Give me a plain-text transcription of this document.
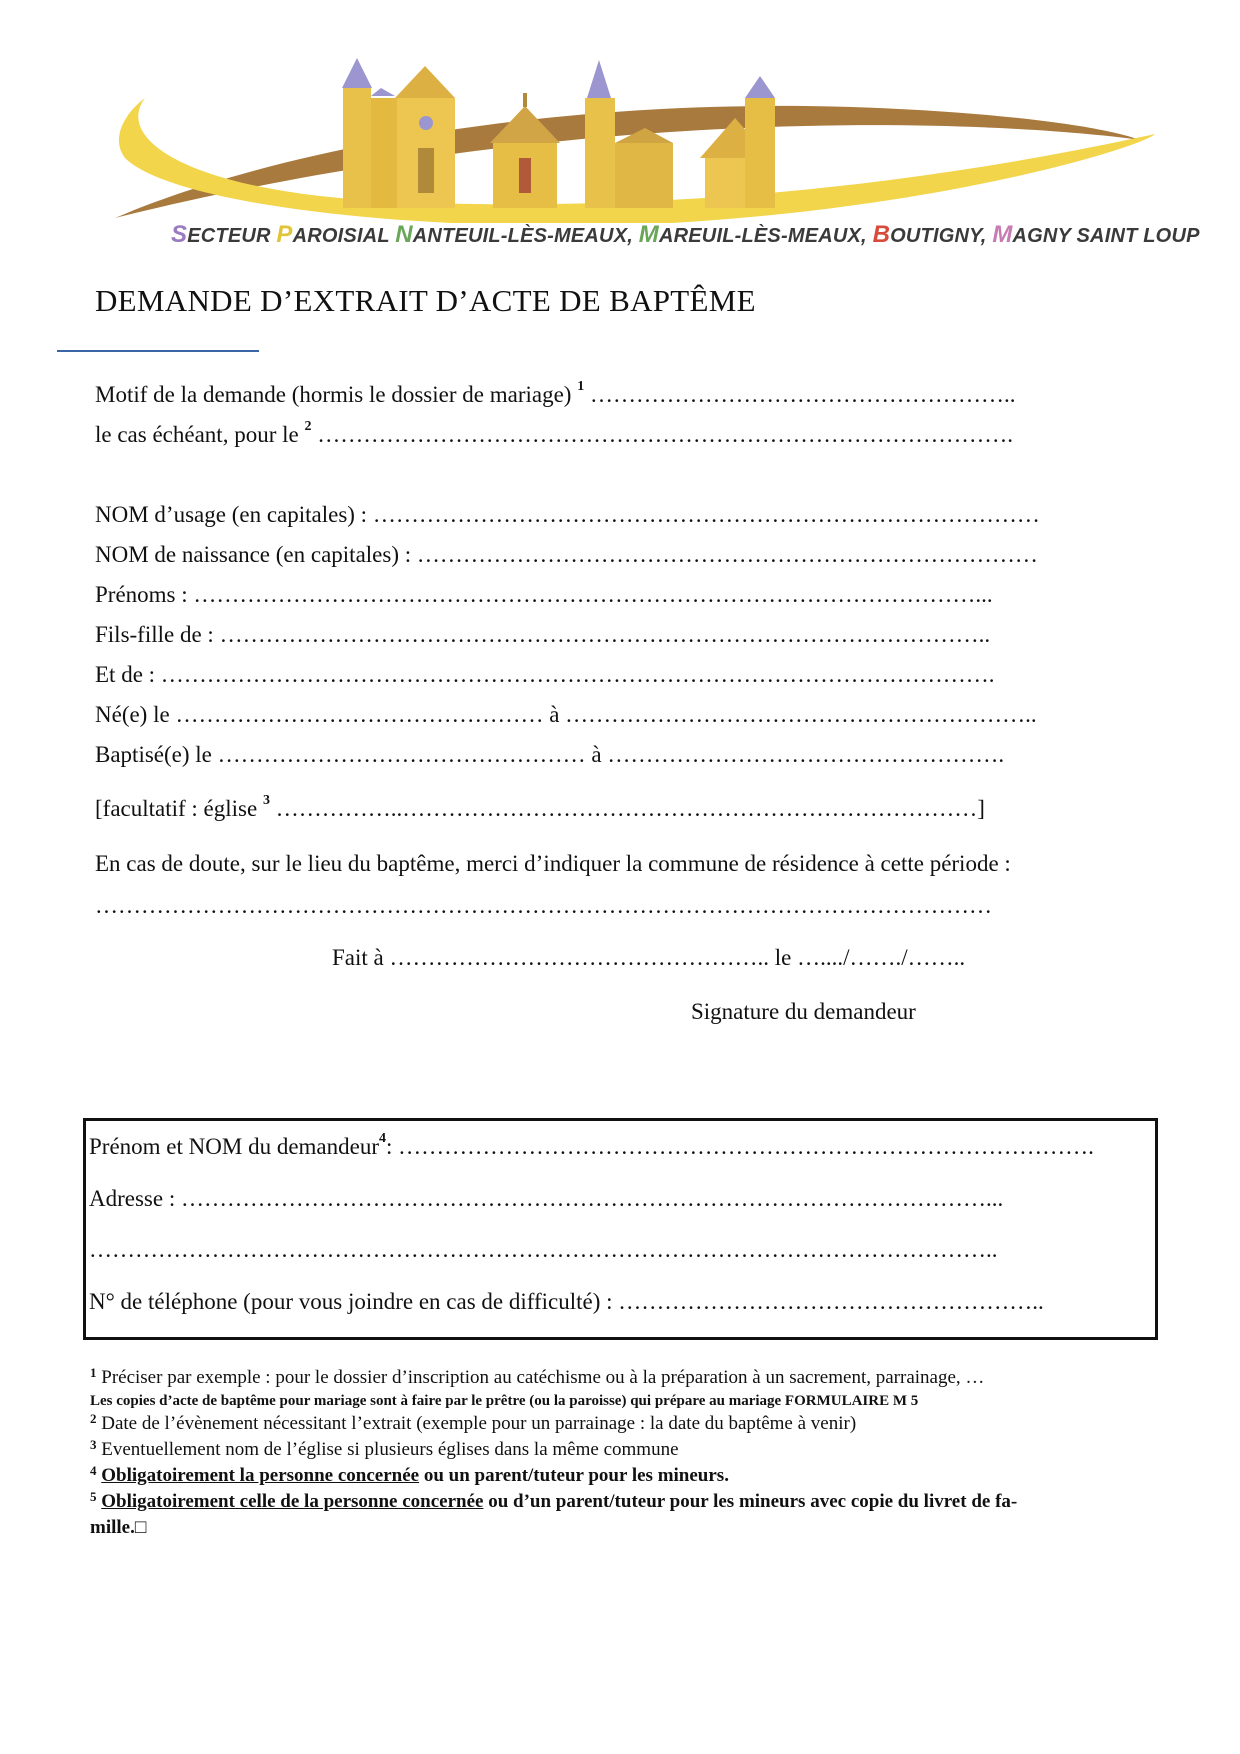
SECTEUR PAROISIAL NANTEUIL-LÈS-MEAUX, MAREUIL-LÈS-MEAUX, BOUTIGNY, MAGNY SAINT LOUP
DEMANDE D’EXTRAIT D’ACTE DE BAPTÊME
Motif de la demande (hormis le dossier de mariage) $^1$ ………………………………………………..
le cas échéant, pour le $^2$ ……………………………………………………………………………….
NOM d’usage (en capitales) : ……………………………………………………………………………
NOM de naissance (en capitales) : ………………………………………………………………………
Prénoms : …………………………………………………………………………………………...
Fils-fille de : ………………………………………………………………………………………..
Et de : ……………………………………………………………………………………………….
Né(e) le ………………………………………… à ……………………………………………………..
Baptisé(e) le ………………………………………… à …………………………………………….
[facultatif : église $^3$ ……………..…………………………………………………………………]
En cas de doute, sur le lieu du baptême, merci d’indiquer la commune de résidence à cette période :
………………………………………………………………………………………………………
Fait à ………………………………………….. le …..../……./……..
Signature du demandeur
Prénom et NOM du demandeur$^4$: ……………………………………………………………………………….
Adresse : ……………………………………………………………………………………………...
………………………………………………………………………………………………………..
N° de téléphone (pour vous joindre en cas de difficulté) : ………………………………………………..
$^1$ Préciser par exemple : pour le dossier d’inscription au catéchisme ou à la préparation à un sacrement, parrainage, …
Les copies d’acte de baptême pour mariage sont à faire par le prêtre (ou la paroisse) qui prépare au mariage FORMULAIRE M 5
$^2$ Date de l’évènement nécessitant l’extrait (exemple pour un parrainage : la date du baptême à venir)
$^3$ Eventuellement nom de l’église si plusieurs églises dans la même commune
$^4$ Obligatoirement la personne concernée ou un parent/tuteur pour les mineurs.
$^5$ Obligatoirement celle de la personne concernée ou d’un parent/tuteur pour les mineurs avec copie du livret de fa-
mille.□
